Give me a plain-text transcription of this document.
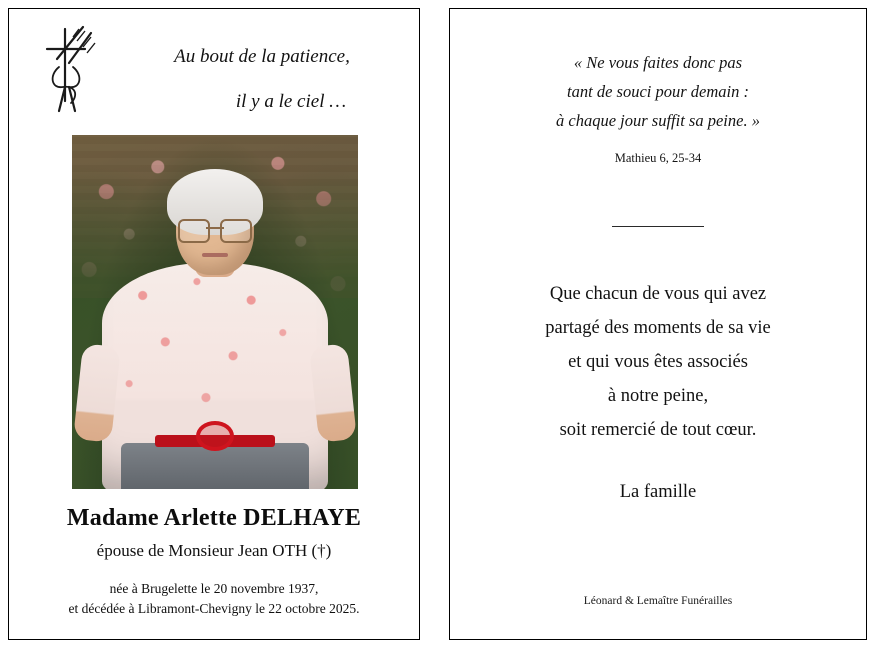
Au bout de la patience,
il y a le ciel …
Madame Arlette DELHAYE
épouse de Monsieur Jean OTH (†)
née à Brugelette le 20 novembre 1937,
et décédée à Libramont-Chevigny le 22 octobre 2025.
« Ne vous faites donc pas
tant de souci pour demain :
à chaque jour suffit sa peine. »
Mathieu 6, 25-34
Que chacun de vous qui avez
partagé des moments de sa vie
et qui vous êtes associés
à notre peine,
soit remercié de tout cœur.
La famille
Léonard & Lemaître Funérailles
